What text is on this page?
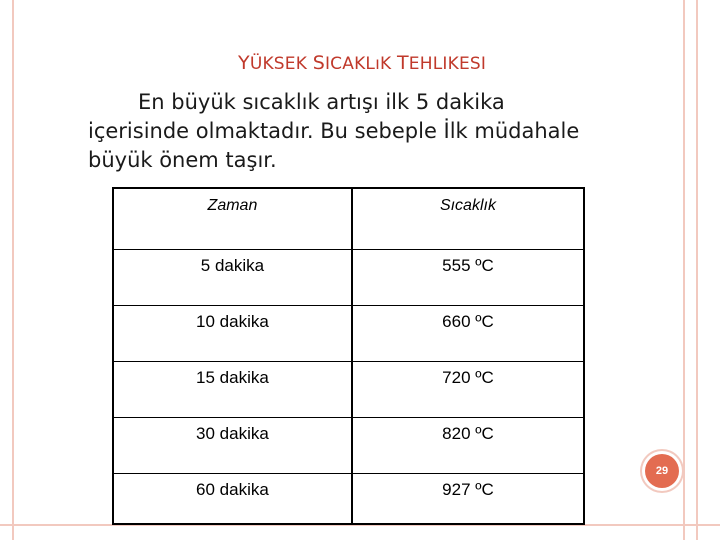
YÜKSEK SICAKLıK TEHLIKESI
En büyük sıcaklık artışı ilk 5 dakika
içerisinde olmaktadır. Bu sebeple İlk müdahale
büyük önem taşır.
Zaman	Sıcaklık
5 dakika	555 ºC
10 dakika	660 ºC
15 dakika	720 ºC
30 dakika	820 ºC
60 dakika	927 ºC
29
